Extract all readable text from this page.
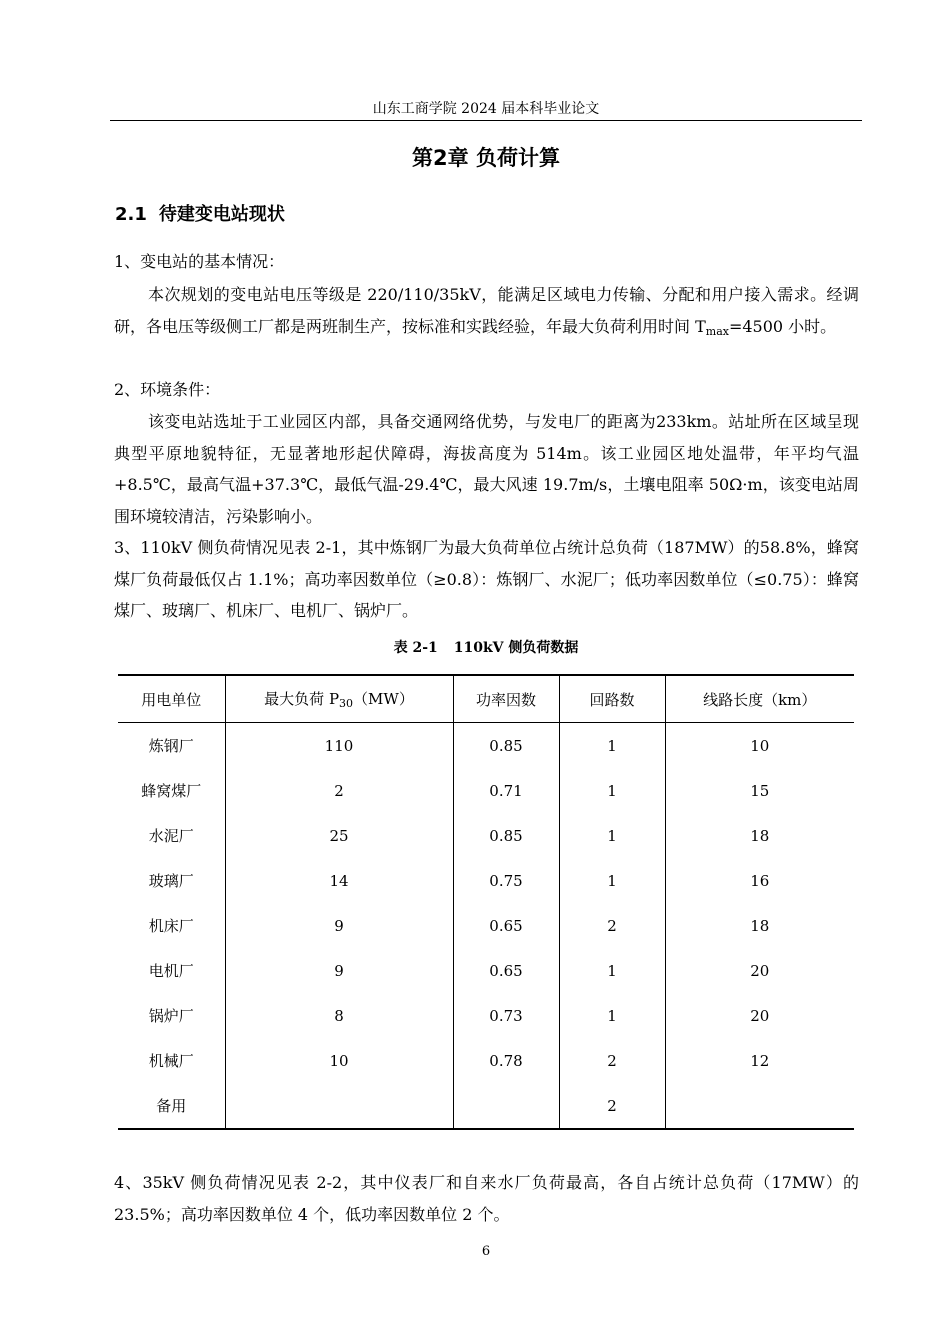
山东工商学院 2024 届本科毕业论文
第2章 负荷计算
2.1 待建变电站现状
1、变电站的基本情况：
本次规划的变电站电压等级是 220/110/35kV，能满足区域电力传输、分配和用户接入需求。经调研，各电压等级侧工厂都是两班制生产，按标准和实践经验，年最大负荷利用时间 $T_{max}=4500$ 小时。
2、环境条件：
该变电站选址于工业园区内部，具备交通网络优势，与发电厂的距离为233km。站址所在区域呈现典型平原地貌特征，无显著地形起伏障碍，海拔高度为 514m。该工业园区地处温带，年平均气温+8.5℃，最高气温+37.3℃，最低气温-29.4℃，最大风速 19.7m/s，土壤电阻率 50Ω·m，该变电站周围环境较清洁，污染影响小。
3、110kV 侧负荷情况见表 2-1，其中炼钢厂为最大负荷单位占统计总负荷（187MW）的58.8%，蜂窝煤厂负荷最低仅占 1.1%；高功率因数单位（≥0.8）：炼钢厂、水泥厂；低功率因数单位（≤0.75）：蜂窝煤厂、玻璃厂、机床厂、电机厂、锅炉厂。
表 2-1 110kV 侧负荷数据
用电单位	最大负荷 $P_{30}(MW)$	功率因数	回路数	线路长度（km）
炼钢厂	110	0.85	1	10
蜂窝煤厂	2	0.71	1	15
水泥厂	25	0.85	1	18
玻璃厂	14	0.75	1	16
机床厂	9	0.65	2	18
电机厂	9	0.65	1	20
锅炉厂	8	0.73	1	20
机械厂	10	0.78	2	12
备用			2	
4、35kV 侧负荷情况见表 2-2，其中仪表厂和自来水厂负荷最高，各自占统计总负荷（17MW）的 23.5%；高功率因数单位 4 个，低功率因数单位 2 个。
6
